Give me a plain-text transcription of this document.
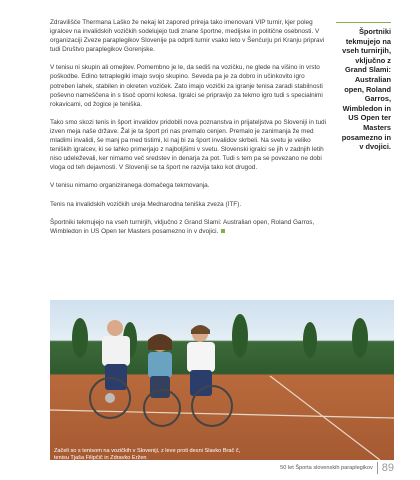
Zdravilišče Thermana Laško že nekaj let zapored prireja tako imenovani VIP turnir, kjer poleg igralcev na invalidskih vozičkih sodelujejo tudi znane športne, medijske in politične osebnosti. V organizaciji Zveze paraplegikov Slovenije pa odprti turnir vsako leto v Šenčurju pri Kranju pripravi tudi Društvo paraplegikov Gorenjske.

V tenisu ni skupin ali omejitev. Pomembno je le, da sediš na vozičku, ne glede na višino in vrsto poškodbe. Edino tetraplegiki imajo svojo skupino. Seveda pa je za dobro in učinkovito igro potreben lahek, stabilen in okreten voziček. Zato imajo vozički za igranje tenisa zaradi stabilnosti poševno nameščena in s tisoč oporni kolesa. Igralci se pripravijo za tekmo igro tudi s specialnimi rokavicami, od žogice je teniška.

Tako smo skozi tenis in šport invalidov pridobili nova poznanstva in prijateljstva po Sloveniji in tudi izven meja naše države. Žal je ta šport pri nas premalo cenjen. Premalo je zanimanja že med mladimi invalidi, še manj pa med tistimi, ki naj bi za šport invalidov skrbeli. Na svetu je veliko teniških igralcev, ki se lahko primerjajo z najboljšimi v svetu. Slovenski igralci se jih v zadnjih letih niso udeleževali, ker nimamo več sredstev in denarja za pot. Tudi s tem pa se povezano ne dobi vloga od teh dejavnosti. V Sloveniji se ta šport ne razvija tako kot drugod.

V tenisu nimamo organiziranega domačega tekmovanja.

Tenis na invalidskih vozičkih ureja Mednarodna teniška zveza (ITF).

Športniki tekmujejo na vseh turnirjih, vključno z Grand Slami: Australian open, Roland Garros, Wimbledon in US Open ter Masters posamezno in v dvojici.

Športniki tekmujejo na vseh turnirjih, vključno z Grand Slami: Australian open, Roland Garros, Wimbledon in US Open ter Masters posamezno in v dvojici.
Začeli so s tenisom na vozičkih v Sloveniji, z leve proti desni Slavko Brač č, tenisu Tjaša Filipčič in Zdravko Eržen
50 let Športa slovenskih paraplegikov 89
